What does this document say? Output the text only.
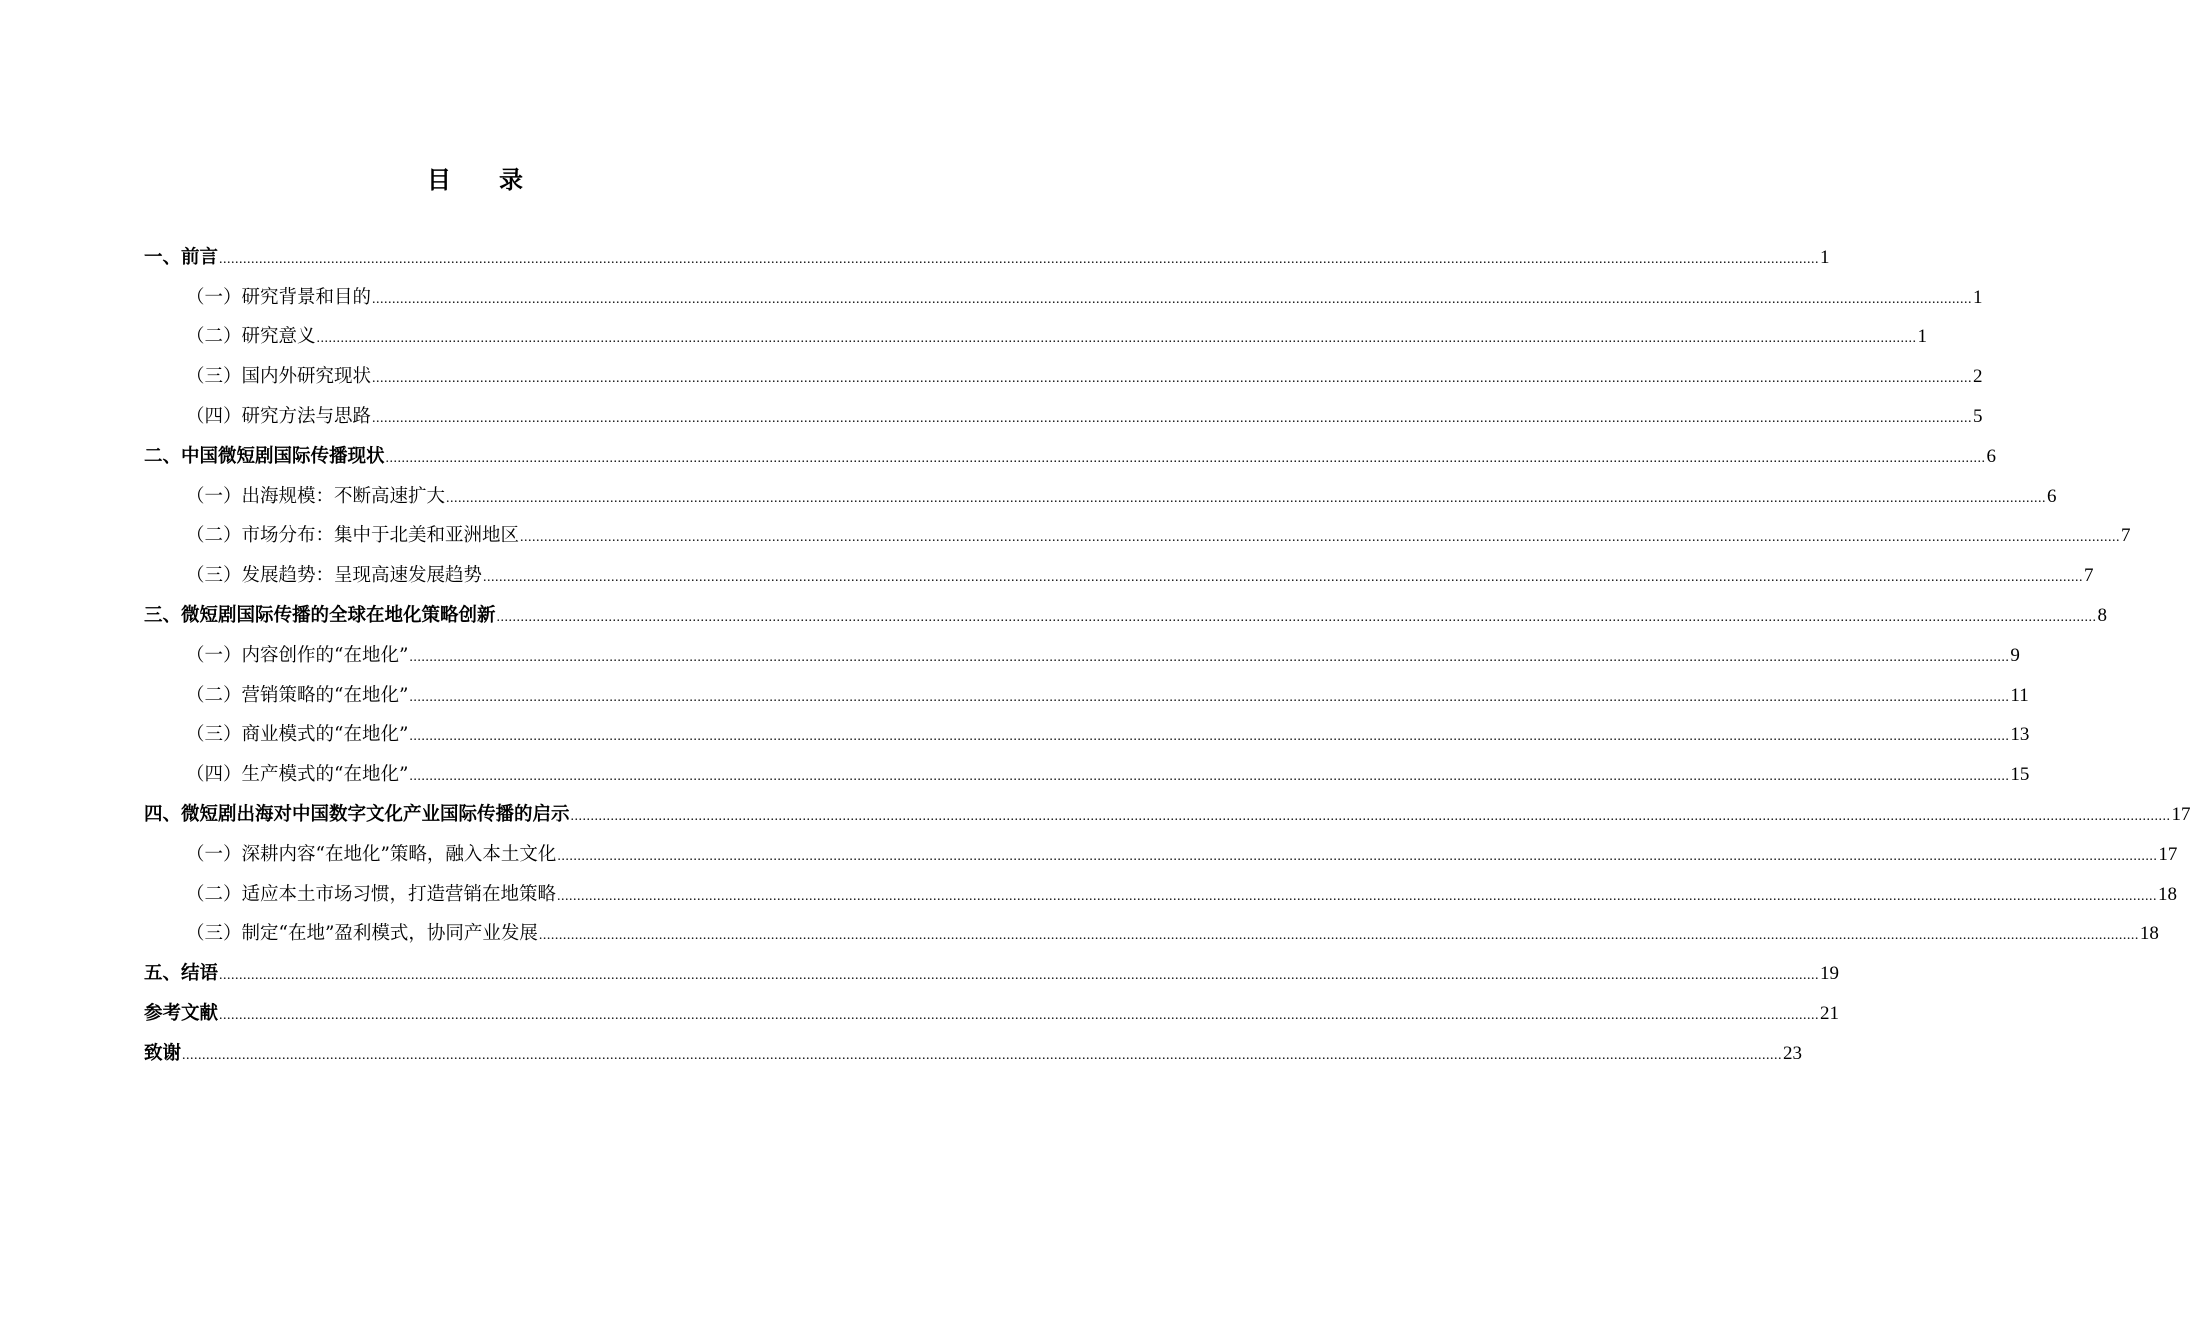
目录
一、前言 ................................................................................................................................................................................................................................................................................................................................................................................................................ 1
（一）研究背景和目的 ................................................................................................................................................................................................................................................................................................................................................................................................................ 1
（二）研究意义 ................................................................................................................................................................................................................................................................................................................................................................................................................ 1
（三）国内外研究现状 ................................................................................................................................................................................................................................................................................................................................................................................................................ 2
（四）研究方法与思路 ................................................................................................................................................................................................................................................................................................................................................................................................................ 5
二、中国微短剧国际传播现状 ................................................................................................................................................................................................................................................................................................................................................................................................................ 6
（一）出海规模：不断高速扩大 ................................................................................................................................................................................................................................................................................................................................................................................................................ 6
（二）市场分布：集中于北美和亚洲地区 ................................................................................................................................................................................................................................................................................................................................................................................................................ 7
（三）发展趋势：呈现高速发展趋势 ................................................................................................................................................................................................................................................................................................................................................................................................................ 7
三、微短剧国际传播的全球在地化策略创新 ................................................................................................................................................................................................................................................................................................................................................................................................................ 8
（一）内容创作的“在地化” ................................................................................................................................................................................................................................................................................................................................................................................................................ 9
（二）营销策略的“在地化” ................................................................................................................................................................................................................................................................................................................................................................................................................ 11
（三）商业模式的“在地化” ................................................................................................................................................................................................................................................................................................................................................................................................................ 13
（四）生产模式的“在地化” ................................................................................................................................................................................................................................................................................................................................................................................................................ 15
四、微短剧出海对中国数字文化产业国际传播的启示 ................................................................................................................................................................................................................................................................................................................................................................................................................ 17
（一）深耕内容“在地化”策略，融入本土文化 ................................................................................................................................................................................................................................................................................................................................................................................................................ 17
（二）适应本土市场习惯，打造营销在地策略 ................................................................................................................................................................................................................................................................................................................................................................................................................ 18
（三）制定“在地”盈利模式，协同产业发展 ................................................................................................................................................................................................................................................................................................................................................................................................................ 18
五、结语 ................................................................................................................................................................................................................................................................................................................................................................................................................ 19
参考文献 ................................................................................................................................................................................................................................................................................................................................................................................................................ 21
致谢 ................................................................................................................................................................................................................................................................................................................................................................................................................ 23
